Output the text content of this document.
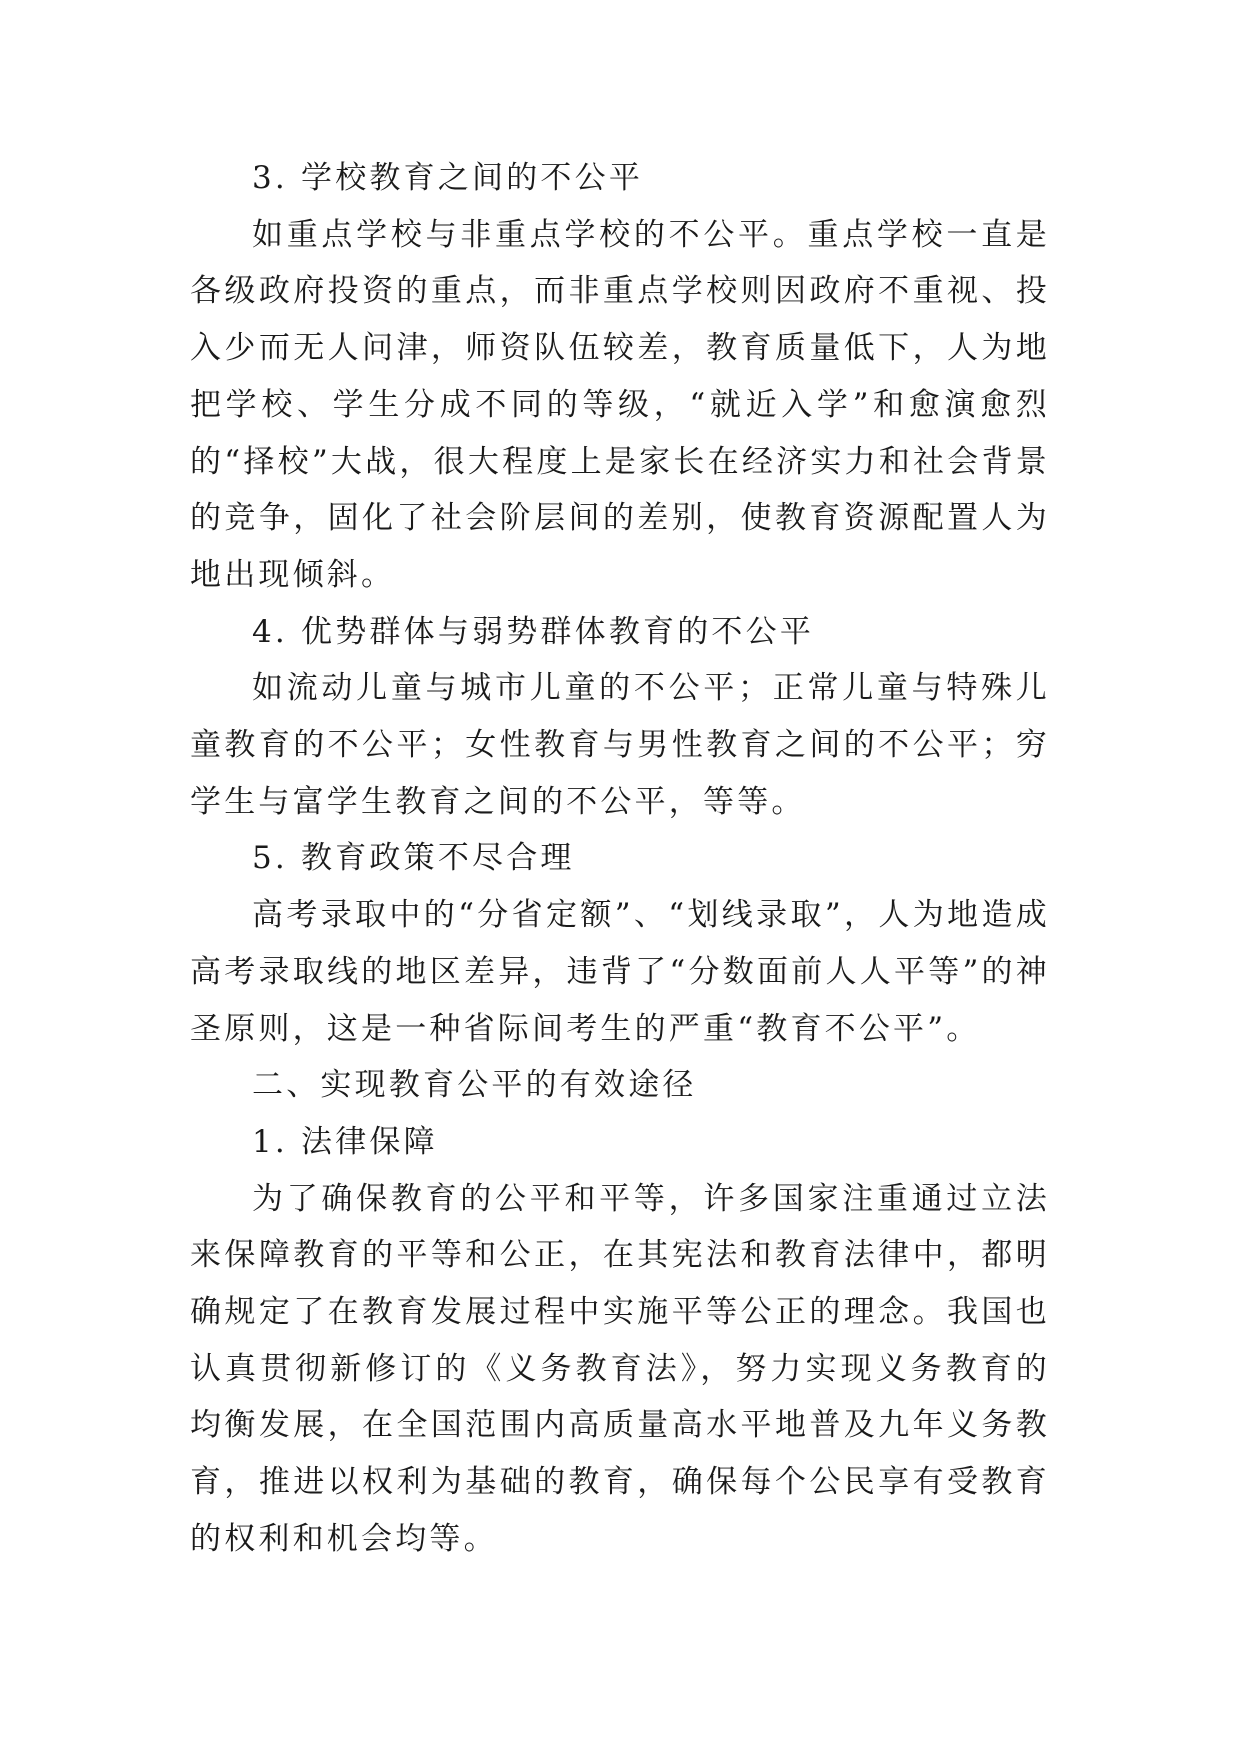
3. 学校教育之间的不公平

如重点学校与非重点学校的不公平。重点学校一直是各级政府投资的重点，而非重点学校则因政府不重视、投入少而无人问津，师资队伍较差，教育质量低下，人为地把学校、学生分成不同的等级，“就近入学”和愈演愈烈的“择校”大战，很大程度上是家长在经济实力和社会背景的竞争，固化了社会阶层间的差别，使教育资源配置人为地出现倾斜。

4. 优势群体与弱势群体教育的不公平

如流动儿童与城市儿童的不公平；正常儿童与特殊儿童教育的不公平；女性教育与男性教育之间的不公平；穷学生与富学生教育之间的不公平，等等。

5. 教育政策不尽合理

高考录取中的“分省定额”、“划线录取”，人为地造成高考录取线的地区差异，违背了“分数面前人人平等”的神圣原则，这是一种省际间考生的严重“教育不公平”。

二、实现教育公平的有效途径

1. 法律保障

为了确保教育的公平和平等，许多国家注重通过立法来保障教育的平等和公正，在其宪法和教育法律中，都明确规定了在教育发展过程中实施平等公正的理念。我国也认真贯彻新修订的《义务教育法》，努力实现义务教育的均衡发展，在全国范围内高质量高水平地普及九年义务教育，推进以权利为基础的教育，确保每个公民享有受教育的权利和机会均等。
